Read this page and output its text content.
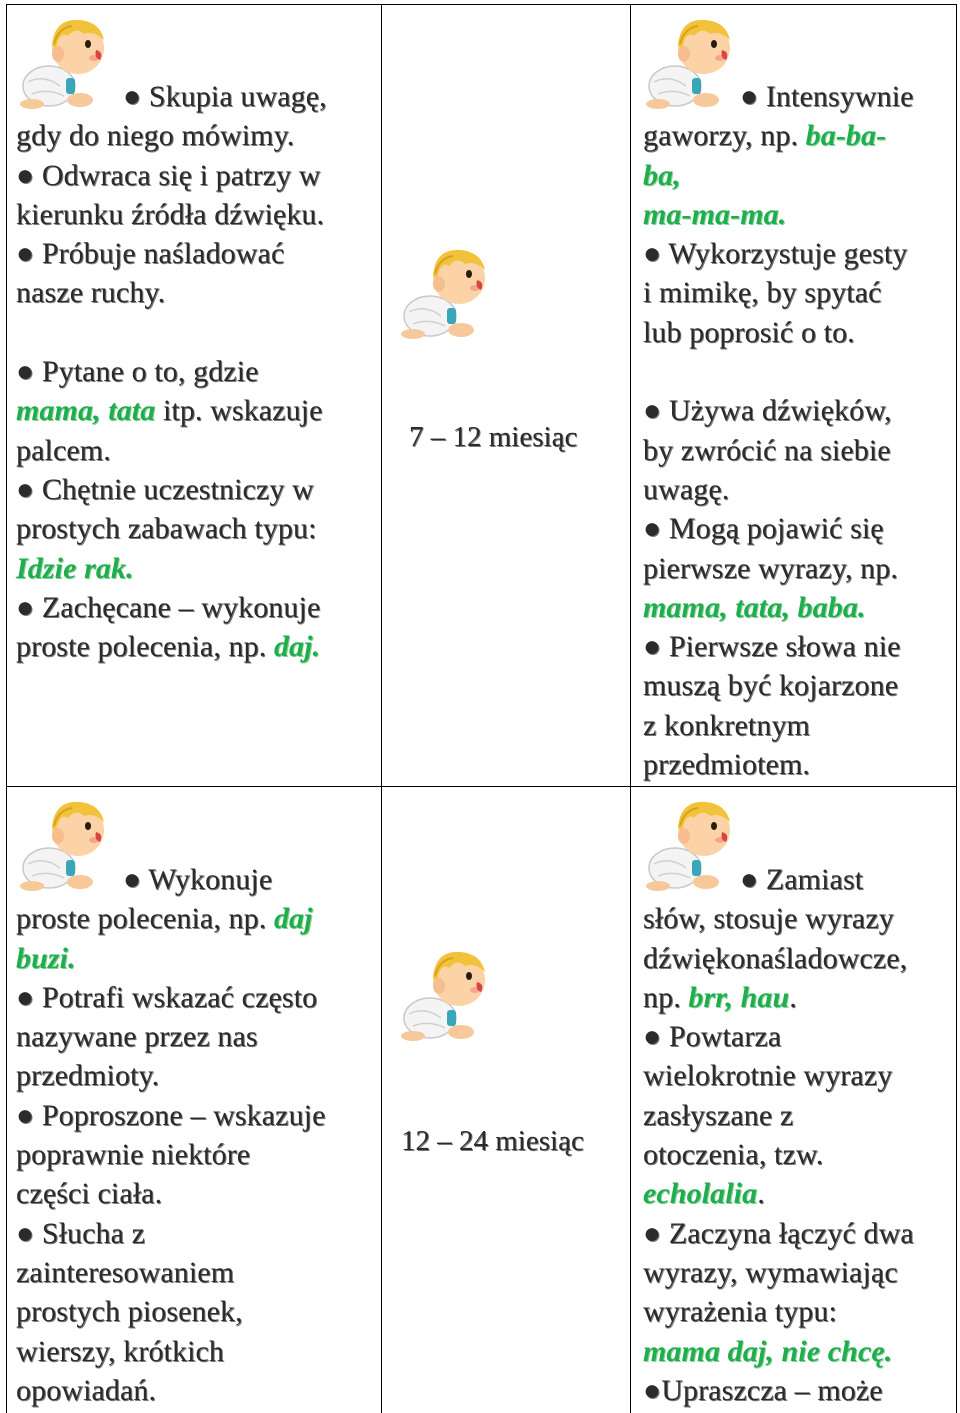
● Skupia uwagę,
gdy do niego mówimy.
● Odwraca się i patrzy w
kierunku źródła dźwięku.
● Próbuje naśladować
nasze ruchy.

● Pytane o to, gdzie
mama, tata itp. wskazuje
palcem.
● Chętnie uczestniczy w
prostych zabawach typu:
Idzie rak.
● Zachęcane – wykonuje
proste polecenia, np. daj.
7 – 12 miesiąc
● Intensywnie
gaworzy, np. ba-ba-
ba,
ma-ma-ma.
● Wykorzystuje gesty
i mimikę, by spytać
lub poprosić o to.

● Używa dźwięków,
by zwrócić na siebie
uwagę.
● Mogą pojawić się
pierwsze wyrazy, np.
mama, tata, baba.
● Pierwsze słowa nie
muszą być kojarzone
z konkretnym
przedmiotem.
● Wykonuje
proste polecenia, np. daj
buzi.
● Potrafi wskazać często
nazywane przez nas
przedmioty.
● Poproszone – wskazuje
poprawnie niektóre
części ciała.
● Słucha z
zainteresowaniem
prostych piosenek,
wierszy, krótkich
opowiadań.
12 – 24 miesiąc
● Zamiast
słów, stosuje wyrazy
dźwiękonaśladowcze,
np. brr, hau.
● Powtarza
wielokrotnie wyrazy
zasłyszane z
otoczenia, tzw.
echolalia.
● Zaczyna łączyć dwa
wyrazy, wymawiając
wyrażenia typu:
mama daj, nie chcę.
●Upraszcza – może
